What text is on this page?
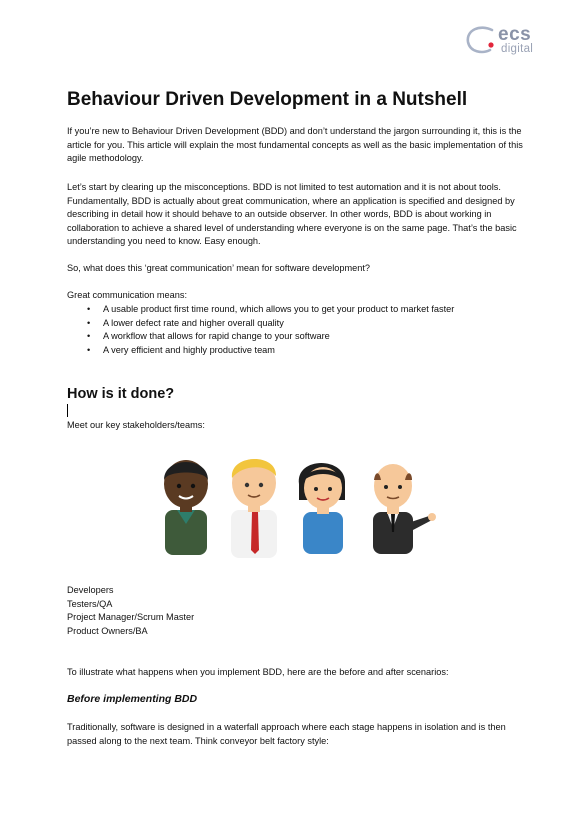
ecs
digital
Behaviour Driven Development in a Nutshell
If you’re new to Behaviour Driven Development (BDD) and don’t understand the jargon surrounding it, this is the article for you. This article will explain the most fundamental concepts as well as the basic implementation of this agile methodology.
Let’s start by clearing up the misconceptions. BDD is not limited to test automation and it is not about tools. Fundamentally, BDD is actually about great communication, where an application is specified and designed by describing in detail how it should behave to an outside observer. In other words, BDD is about working in collaboration to achieve a shared level of understanding where everyone is on the same page. That’s the basic understanding you need to know. Easy enough.
So, what does this ‘great communication’ mean for software development?
Great communication means:
• A usable product first time round, which allows you to get your product to market faster
• A lower defect rate and higher overall quality
• A workflow that allows for rapid change to your software
• A very efficient and highly productive team
How is it done?
Meet our key stakeholders/teams:
Developers
Testers/QA
Project Manager/Scrum Master
Product Owners/BA
To illustrate what happens when you implement BDD, here are the before and after scenarios:
Before implementing BDD
Traditionally, software is designed in a waterfall approach where each stage happens in isolation and is then passed along to the next team. Think conveyor belt factory style:
